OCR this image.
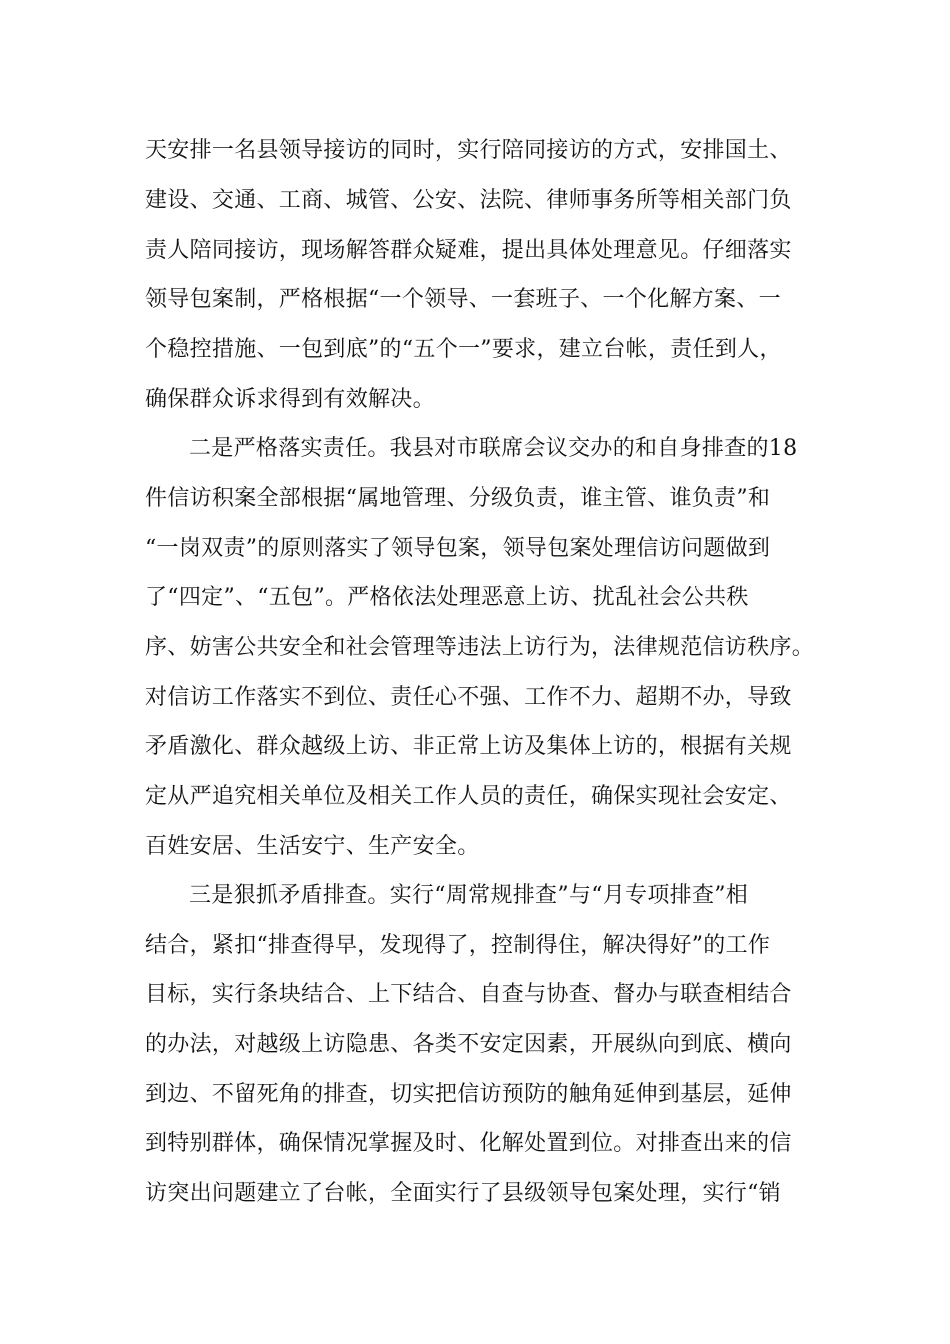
天安排一名县领导接访的同时，实行陪同接访的方式，安排国土、
建设、交通、工商、城管、公安、法院、律师事务所等相关部门负
责人陪同接访，现场解答群众疑难，提出具体处理意见。仔细落实
领导包案制，严格根据“一个领导、一套班子、一个化解方案、一
个稳控措施、一包到底”的“五个一”要求，建立台帐，责任到人，
确保群众诉求得到有效解决。
二是严格落实责任。我县对市联席会议交办的和自身排查的18
件信访积案全部根据“属地管理、分级负责，谁主管、谁负责”和
“一岗双责”的原则落实了领导包案，领导包案处理信访问题做到
了“四定”、“五包”。严格依法处理恶意上访、扰乱社会公共秩
序、妨害公共安全和社会管理等违法上访行为，法律规范信访秩序。
对信访工作落实不到位、责任心不强、工作不力、超期不办，导致
矛盾激化、群众越级上访、非正常上访及集体上访的，根据有关规
定从严追究相关单位及相关工作人员的责任，确保实现社会安定、
百姓安居、生活安宁、生产安全。
三是狠抓矛盾排查。实行“周常规排查”与“月专项排查”相
结合，紧扣“排查得早，发现得了，控制得住，解决得好”的工作
目标，实行条块结合、上下结合、自查与协查、督办与联查相结合
的办法，对越级上访隐患、各类不安定因素，开展纵向到底、横向
到边、不留死角的排查，切实把信访预防的触角延伸到基层，延伸
到特别群体，确保情况掌握及时、化解处置到位。对排查出来的信
访突出问题建立了台帐，全面实行了县级领导包案处理，实行“销
